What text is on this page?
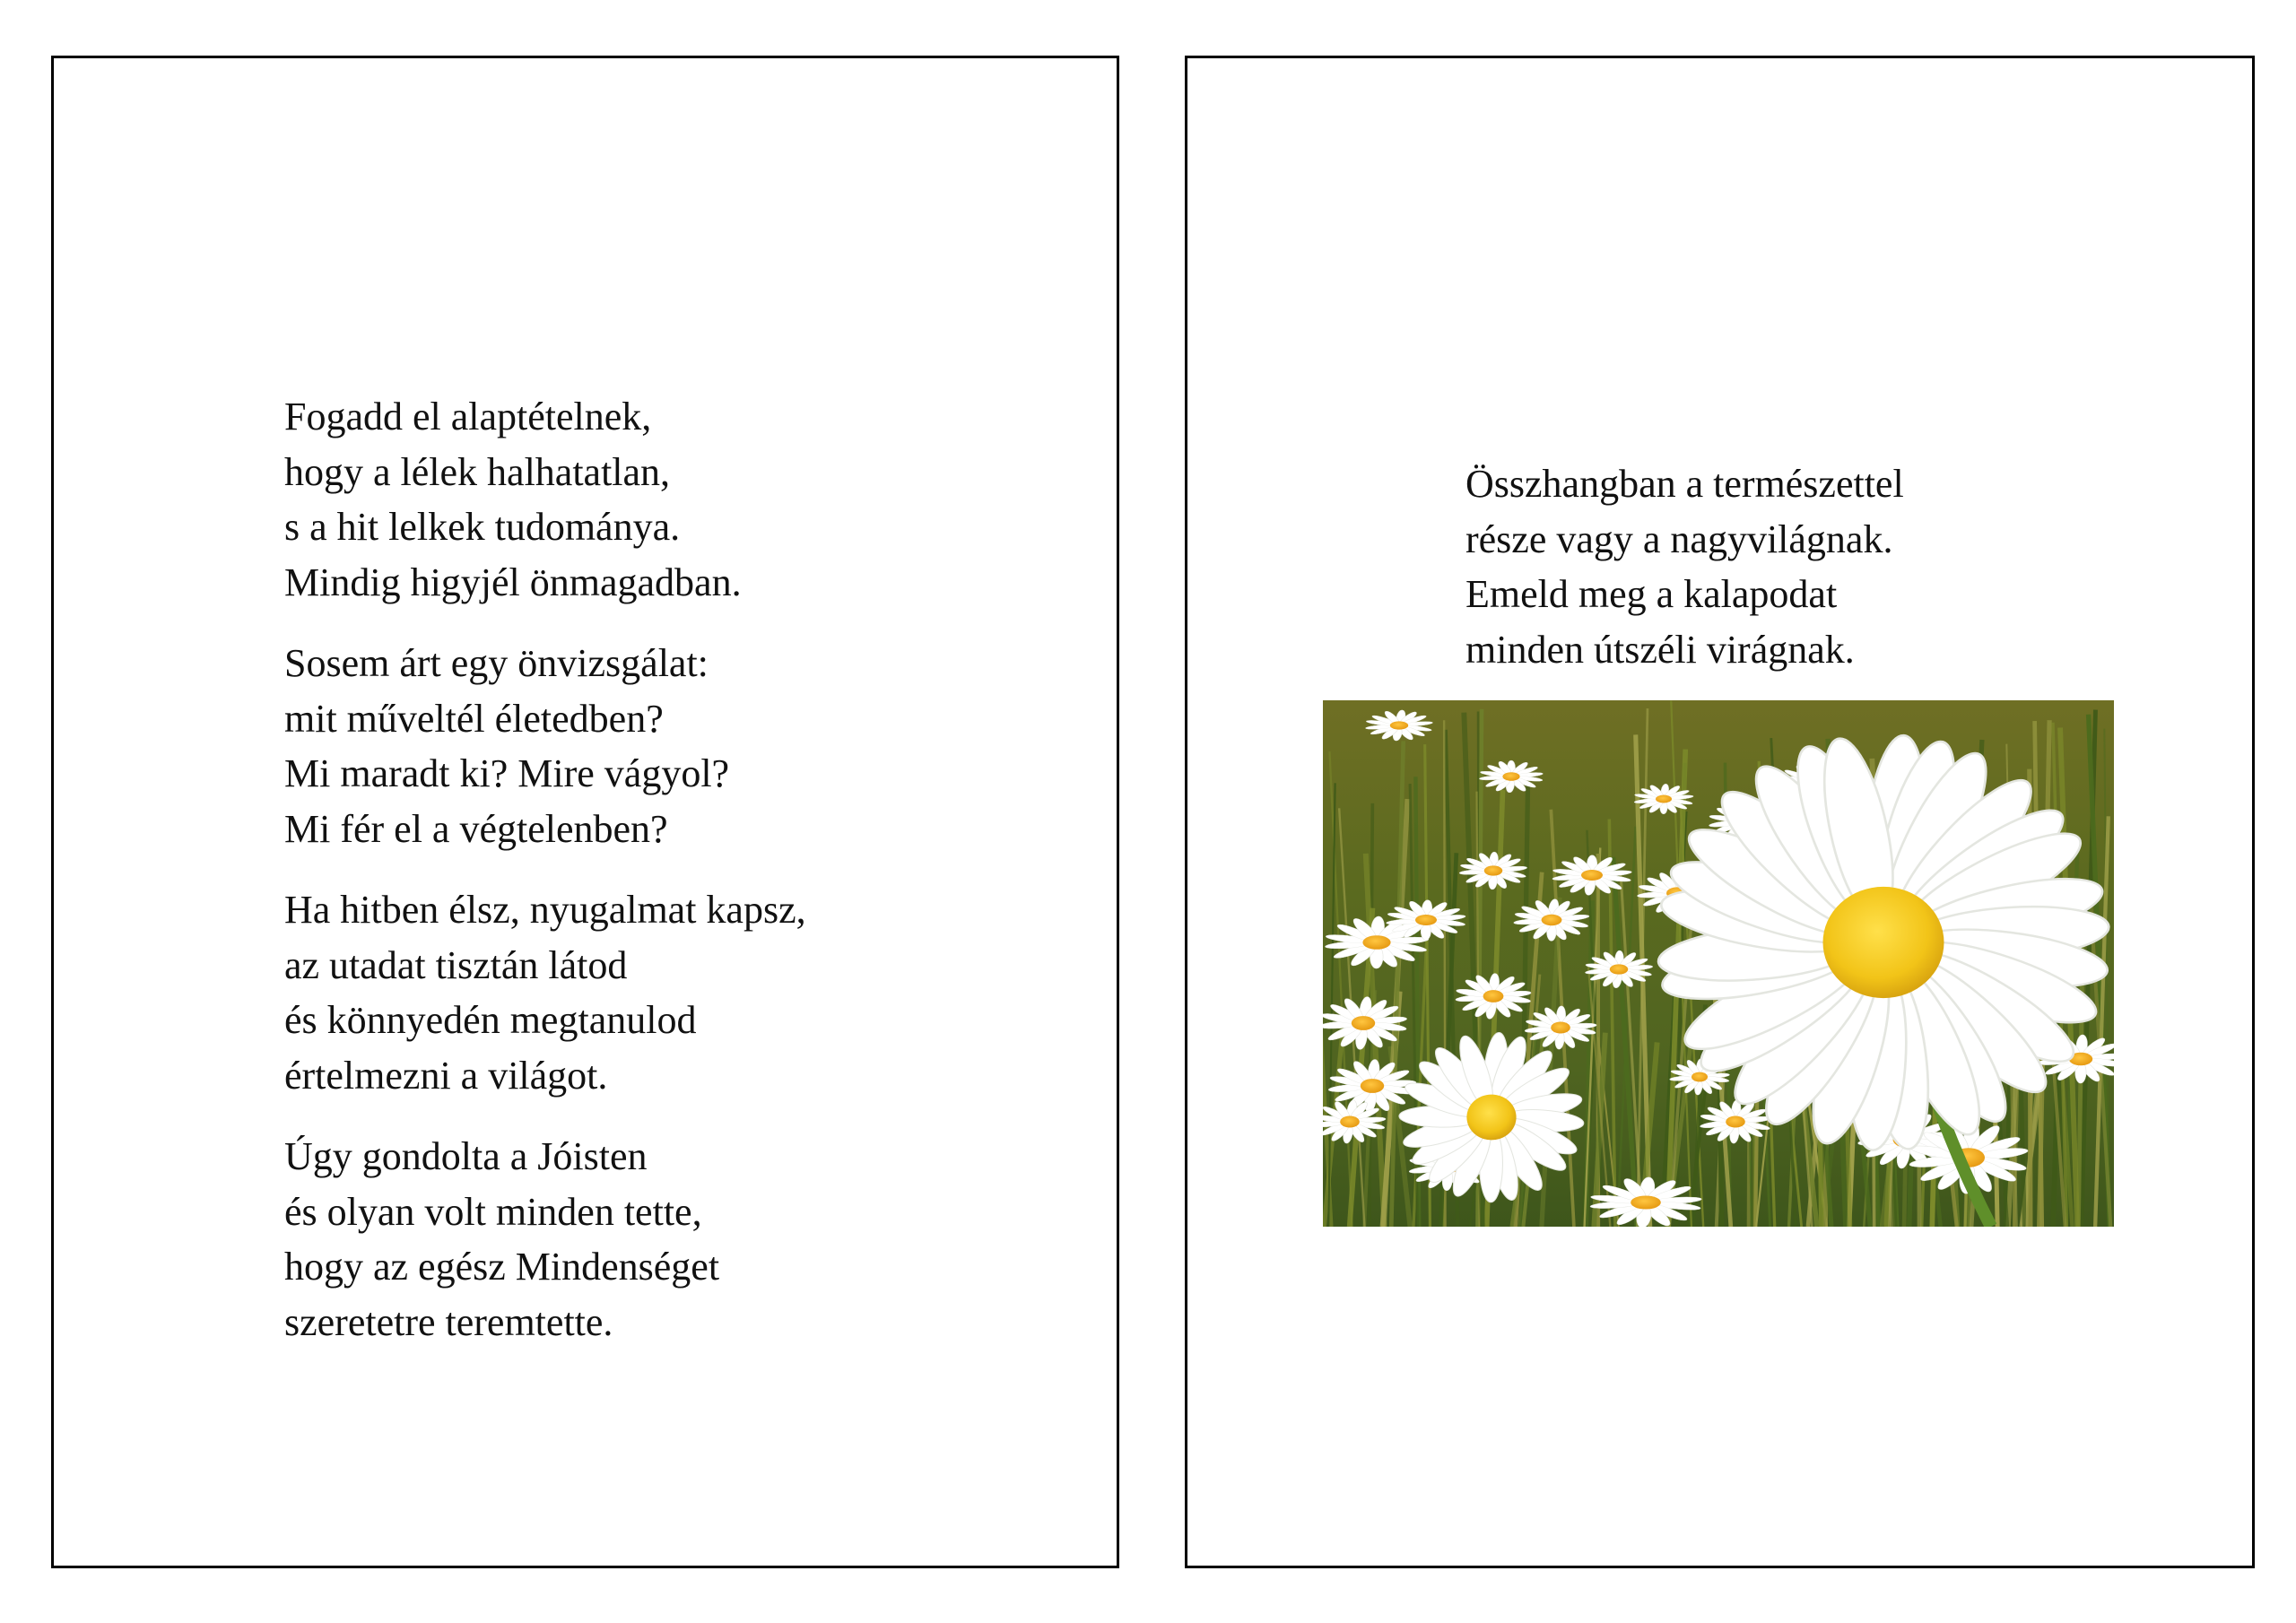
Fogadd el alaptételnek,
hogy a lélek halhatatlan,
s a hit lelkek tudománya.
Mindig higyjél önmagadban.

Sosem árt egy önvizsgálat:
mit műveltél életedben?
Mi maradt ki? Mire vágyol?
Mi fér el a végtelenben?

Ha hitben élsz, nyugalmat kapsz,
az utadat tisztán látod
és könnyedén megtanulod
értelmezni a világot.

Úgy gondolta a Jóisten
és olyan volt minden tette,
hogy az egész Mindenséget
szeretetre teremtette.

Összhangban a természettel
része vagy a nagyvilágnak.
Emeld meg a kalapodat
minden útszéli virágnak.
